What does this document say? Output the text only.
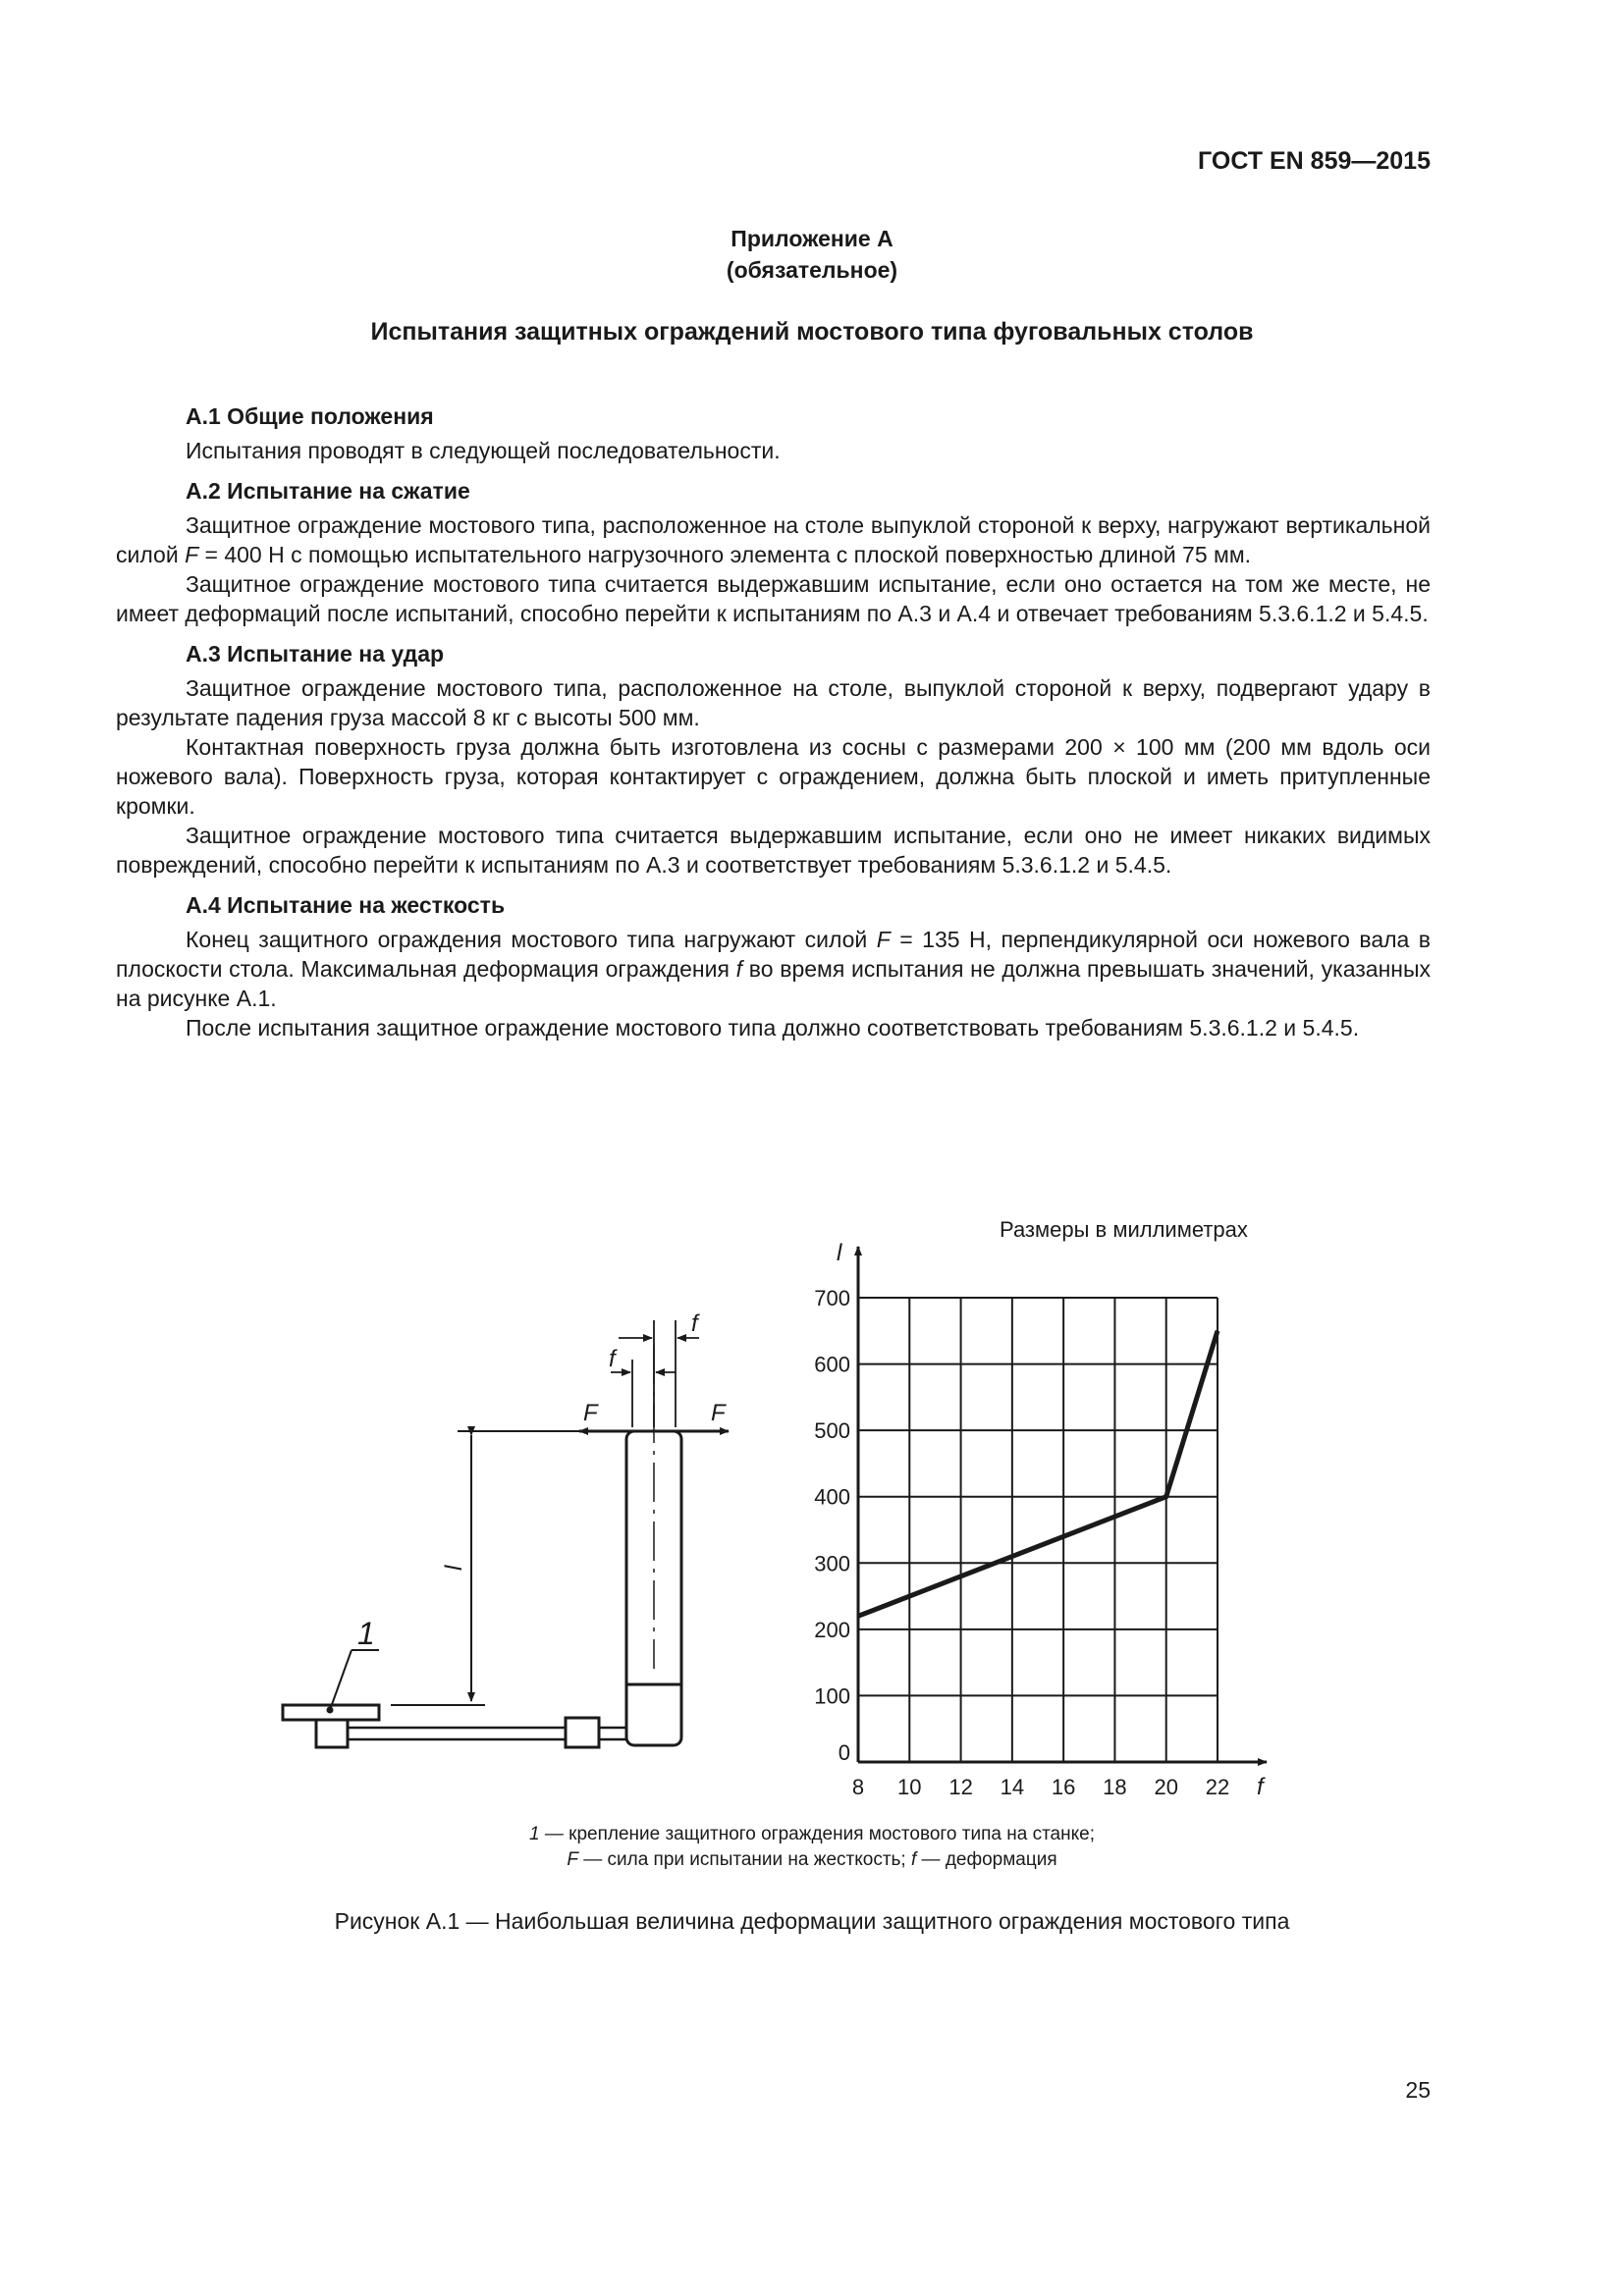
ГОСТ EN 859—2015
Приложение А
(обязательное)
Испытания защитных ограждений мостового типа фуговальных столов
А.1 Общие положения

Испытания проводят в следующей последовательности.

А.2 Испытание на сжатие

Защитное ограждение мостового типа, расположенное на столе выпуклой стороной к верху, нагружают вертикальной силой F = 400 Н с помощью испытательного нагрузочного элемента с плоской поверхностью длиной 75 мм.

Защитное ограждение мостового типа считается выдержавшим испытание, если оно остается на том же месте, не имеет деформаций после испытаний, способно перейти к испытаниям по А.3 и А.4 и отвечает требованиям 5.3.6.1.2 и 5.4.5.

А.3 Испытание на удар

Защитное ограждение мостового типа, расположенное на столе, выпуклой стороной к верху, подвергают удару в результате падения груза массой 8 кг с высоты 500 мм.

Контактная поверхность груза должна быть изготовлена из сосны с размерами 200 × 100 мм (200 мм вдоль оси ножевого вала). Поверхность груза, которая контактирует с ограждением, должна быть плоской и иметь притупленные кромки.

Защитное ограждение мостового типа считается выдержавшим испытание, если оно не имеет никаких видимых повреждений, способно перейти к испытаниям по А.3 и соответствует требованиям 5.3.6.1.2 и 5.4.5.

А.4 Испытание на жесткость

Конец защитного ограждения мостового типа нагружают силой F = 135 Н, перпендикулярной оси ножевого вала в плоскости стола. Максимальная деформация ограждения f во время испытания не должна превышать значений, указанных на рисунке А.1.

После испытания защитное ограждение мостового типа должно соответствовать требованиям 5.3.6.1.2 и 5.4.5.

Размеры в миллиметрах
1
f
f
F	F
l
8 10 12 14 16 18 20 22
0
100
200
300
400
500
600
700
f
l
1 — крепление защитного ограждения мостового типа на станке;
F — сила при испытании на жесткость; f — деформация
Рисунок А.1 — Наибольшая величина деформации защитного ограждения мостового типа
25
